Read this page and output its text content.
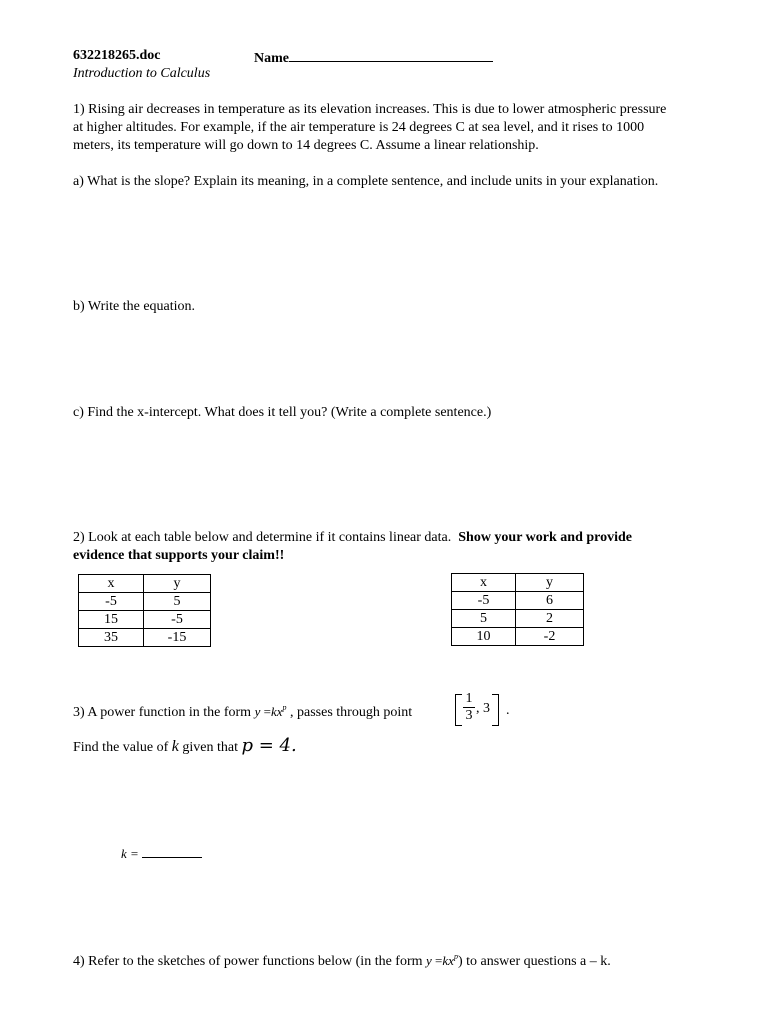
632218265.doc	Name
Introduction to Calculus
1) Rising air decreases in temperature as its elevation increases. This is due to lower atmospheric pressure
at higher altitudes. For example, if the air temperature is 24 degrees C at sea level, and it rises to 1000
meters, its temperature will go down to 14 degrees C. Assume a linear relationship.
a) What is the slope? Explain its meaning, in a complete sentence, and include units in your explanation.
b) Write the equation.
c) Find the x-intercept. What does it tell you? (Write a complete sentence.)
2) Look at each table below and determine if it contains linear data. Show your work and provide
evidence that supports your claim!!
x	y
-5	5
15	-5
35	-15
x	y
-5	6
5	2
10	-2
3) A power function in the form $y =kx^p$ , passes through point
1
3 , 3 .
Find the value of k given that p = 4.
k =
4) Refer to the sketches of power functions below (in the form $y =kx^p$) to answer questions a – k.
